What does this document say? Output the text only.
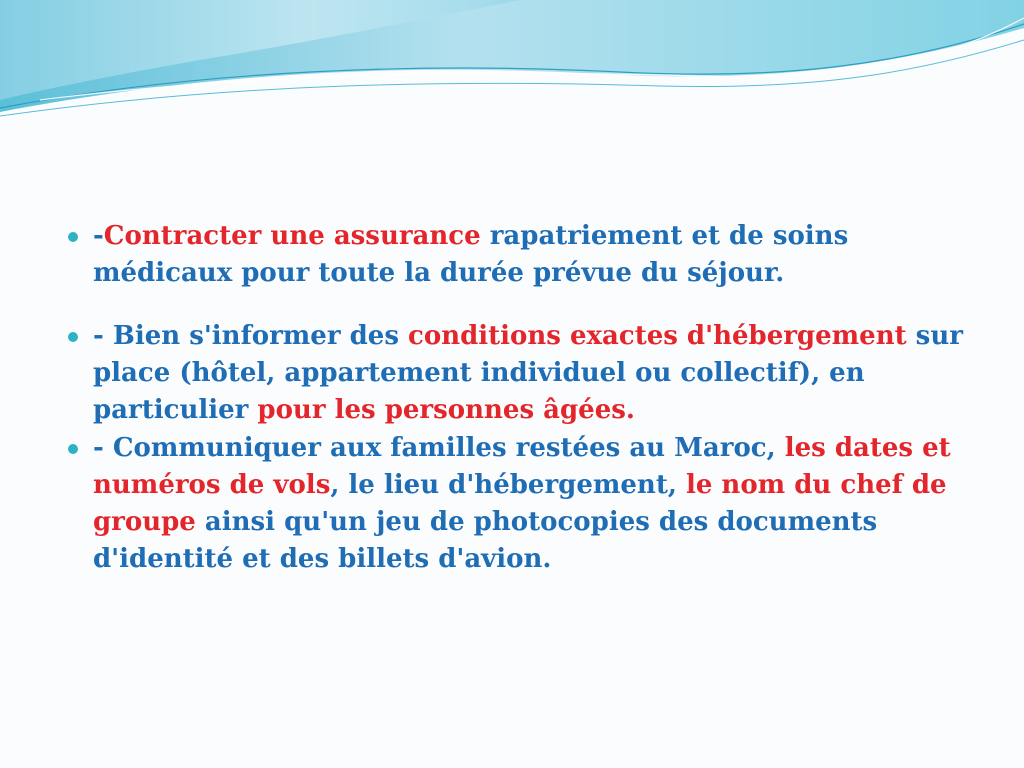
-Contracter une assurance rapatriement et de soins médicaux pour toute la durée prévue du séjour.
- Bien s'informer des conditions exactes d'hébergement sur place (hôtel, appartement individuel ou collectif), en particulier pour les personnes âgées.
- Communiquer aux familles restées au Maroc, les dates et numéros de vols, le lieu d'hébergement, le nom du chef de groupe ainsi qu'un jeu de photocopies des documents d'identité et des billets d'avion.
